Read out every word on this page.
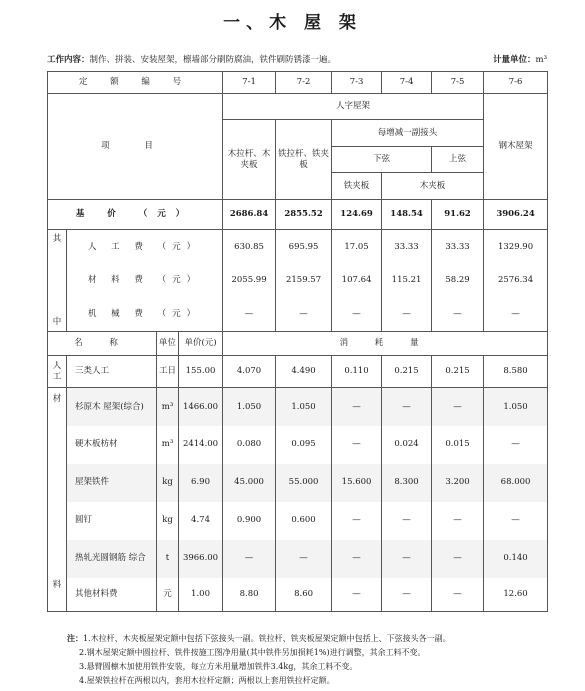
一、木 屋 架
工作内容：制作、拼装、安装屋架，檩墙部分刷防腐油，铁件刷防锈漆一遍。	计量单位：m³
定 额 编 号				7-1	7-2	7-3	7-4	7-5	7-6
项 目				人字屋架					钢木屋架
				木拉杆、木夹板	铁拉杆、铁夹板	每增减一副接头			
						下弦		上弦	
						铁夹板	木夹板		
基 价 （元）				2686.84	2855.52	124.69	148.54	91.62	3906.24
其	人 工 费 （元）			630.85	695.95	17.05	33.33	33.33	1329.90
	材 料 费 （元）			2055.99	2159.57	107.64	115.21	58.29	2576.34
中	机 械 费 （元）			—	—	—	—	—	—
名 称		单位	单价(元)	消 耗 量					
人工	三类人工	工日	155.00	4.070	4.490	0.110	0.215	0.215	8.580
材	杉原木 屋架(综合)	m³	1466.00	1.050	1.050	—	—	—	1.050
	硬木板枋材	m³	2414.00	0.080	0.095	—	0.024	0.015	—
	屋架铁件	kg	6.90	45.000	55.000	15.600	8.300	3.200	68.000
	圆钉	kg	4.74	0.900	0.600	—	—	—	—
	热轧光圆钢筋 综合	t	3966.00	—	—	—	—	—	0.140
料	其他材料费	元	1.00	8.80	8.60	—	—	—	12.60
注：1.木拉杆、木夹板屋架定额中包括下弦接头一副。铁拉杆、铁夹板屋架定额中包括上、下弦接头各一副。
2.钢木屋架定额中圆拉杆、铁件按施工图净用量(其中铁件另加损耗1%)进行调整，其余工料不变。
3.悬臂圆檩木加使用铁件安装，每立方米用量增加铁件3.4kg，其余工料不变。
4.屋架铁拉杆在两根以内，套用木拉杆定额；两根以上套用铁拉杆定额。
